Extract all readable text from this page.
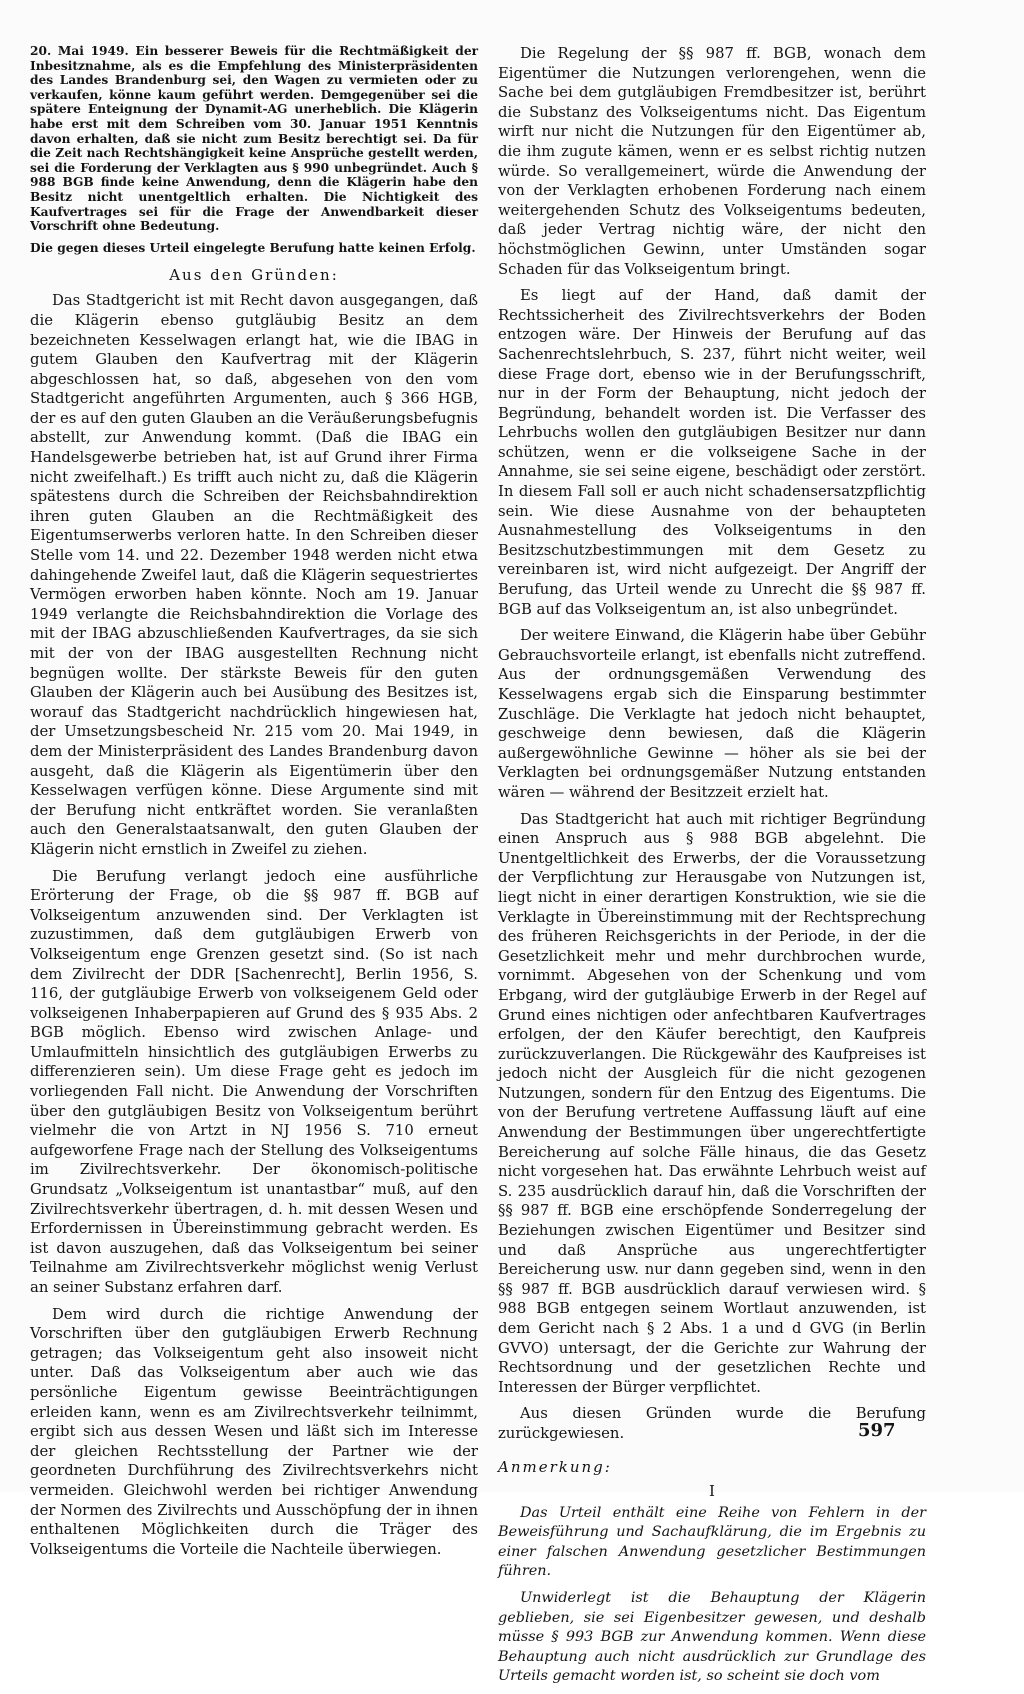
20. Mai 1949. Ein besserer Beweis für die Rechtmäßigkeit der Inbesitznahme, als es die Empfehlung des Ministerpräsidenten des Landes Brandenburg sei, den Wagen zu vermieten oder zu verkaufen, könne kaum geführt werden. Demgegenüber sei die spätere Enteignung der Dynamit-AG unerheblich. Die Klägerin habe erst mit dem Schreiben vom 30. Januar 1951 Kenntnis davon erhalten, daß sie nicht zum Besitz berechtigt sei. Da für die Zeit nach Rechtshängigkeit keine Ansprüche gestellt werden, sei die Forderung der Verklagten aus § 990 unbegründet. Auch § 988 BGB finde keine Anwendung, denn die Klägerin habe den Besitz nicht unentgeltlich erhalten. Die Nichtigkeit des Kaufvertrages sei für die Frage der Anwendbarkeit dieser Vorschrift ohne Bedeutung.

Die gegen dieses Urteil eingelegte Berufung hatte keinen Erfolg.

Aus den Gründen:

Das Stadtgericht ist mit Recht davon ausgegangen, daß die Klägerin ebenso gutgläubig Besitz an dem bezeichneten Kesselwagen erlangt hat, wie die IBAG in gutem Glauben den Kaufvertrag mit der Klägerin abgeschlossen hat, so daß, abgesehen von den vom Stadtgericht angeführten Argumenten, auch § 366 HGB, der es auf den guten Glauben an die Veräußerungsbefugnis abstellt, zur Anwendung kommt. (Daß die IBAG ein Handelsgewerbe betrieben hat, ist auf Grund ihrer Firma nicht zweifelhaft.) Es trifft auch nicht zu, daß die Klägerin spätestens durch die Schreiben der Reichsbahndirektion ihren guten Glauben an die Rechtmäßigkeit des Eigentumserwerbs verloren hatte. In den Schreiben dieser Stelle vom 14. und 22. Dezember 1948 werden nicht etwa dahingehende Zweifel laut, daß die Klägerin sequestriertes Vermögen erworben haben könnte. Noch am 19. Januar 1949 verlangte die Reichsbahndirektion die Vorlage des mit der IBAG abzuschließenden Kaufvertrages, da sie sich mit der von der IBAG ausgestellten Rechnung nicht begnügen wollte. Der stärkste Beweis für den guten Glauben der Klägerin auch bei Ausübung des Besitzes ist, worauf das Stadtgericht nachdrücklich hingewiesen hat, der Umsetzungsbescheid Nr. 215 vom 20. Mai 1949, in dem der Ministerpräsident des Landes Brandenburg davon ausgeht, daß die Klägerin als Eigentümerin über den Kesselwagen verfügen könne. Diese Argumente sind mit der Berufung nicht entkräftet worden. Sie veranlaßten auch den Generalstaatsanwalt, den guten Glauben der Klägerin nicht ernstlich in Zweifel zu ziehen.

Die Berufung verlangt jedoch eine ausführliche Erörterung der Frage, ob die §§ 987 ff. BGB auf Volkseigentum anzuwenden sind. Der Verklagten ist zuzustimmen, daß dem gutgläubigen Erwerb von Volkseigentum enge Grenzen gesetzt sind. (So ist nach dem Zivilrecht der DDR [Sachenrecht], Berlin 1956, S. 116, der gutgläubige Erwerb von volkseigenem Geld oder volkseigenen Inhaberpapieren auf Grund des § 935 Abs. 2 BGB möglich. Ebenso wird zwischen Anlage- und Umlaufmitteln hinsichtlich des gutgläubigen Erwerbs zu differenzieren sein). Um diese Frage geht es jedoch im vorliegenden Fall nicht. Die Anwendung der Vorschriften über den gutgläubigen Besitz von Volkseigentum berührt vielmehr die von Artzt in NJ 1956 S. 710 erneut aufgeworfene Frage nach der Stellung des Volkseigentums im Zivilrechtsverkehr. Der ökonomisch-politische Grundsatz „Volkseigentum ist unantastbar“ muß, auf den Zivilrechtsverkehr übertragen, d. h. mit dessen Wesen und Erfordernissen in Übereinstimmung gebracht werden. Es ist davon auszugehen, daß das Volkseigentum bei seiner Teilnahme am Zivilrechtsverkehr möglichst wenig Verlust an seiner Substanz erfahren darf.

Dem wird durch die richtige Anwendung der Vorschriften über den gutgläubigen Erwerb Rechnung getragen; das Volkseigentum geht also insoweit nicht unter. Daß das Volkseigentum aber auch wie das persönliche Eigentum gewisse Beeinträchtigungen erleiden kann, wenn es am Zivilrechtsverkehr teilnimmt, ergibt sich aus dessen Wesen und läßt sich im Interesse der gleichen Rechtsstellung der Partner wie der geordneten Durchführung des Zivilrechtsverkehrs nicht vermeiden. Gleichwohl werden bei richtiger Anwendung der Normen des Zivilrechts und Ausschöpfung der in ihnen enthaltenen Möglichkeiten durch die Träger des Volkseigentums die Vorteile die Nachteile überwiegen.

Die Regelung der §§ 987 ff. BGB, wonach dem Eigentümer die Nutzungen verlorengehen, wenn die Sache bei dem gutgläubigen Fremdbesitzer ist, berührt die Substanz des Volkseigentums nicht. Das Eigentum wirft nur nicht die Nutzungen für den Eigentümer ab, die ihm zugute kämen, wenn er es selbst richtig nutzen würde. So verallgemeinert, würde die Anwendung der von der Verklagten erhobenen Forderung nach einem weitergehenden Schutz des Volkseigentums bedeuten, daß jeder Vertrag nichtig wäre, der nicht den höchstmöglichen Gewinn, unter Umständen sogar Schaden für das Volkseigentum bringt.

Es liegt auf der Hand, daß damit der Rechtssicherheit des Zivilrechtsverkehrs der Boden entzogen wäre. Der Hinweis der Berufung auf das Sachenrechtslehrbuch, S. 237, führt nicht weiter, weil diese Frage dort, ebenso wie in der Berufungsschrift, nur in der Form der Behauptung, nicht jedoch der Begründung, behandelt worden ist. Die Verfasser des Lehrbuchs wollen den gutgläubigen Besitzer nur dann schützen, wenn er die volkseigene Sache in der Annahme, sie sei seine eigene, beschädigt oder zerstört. In diesem Fall soll er auch nicht schadensersatzpflichtig sein. Wie diese Ausnahme von der behaupteten Ausnahmestellung des Volkseigentums in den Besitzschutzbestimmungen mit dem Gesetz zu vereinbaren ist, wird nicht aufgezeigt. Der Angriff der Berufung, das Urteil wende zu Unrecht die §§ 987 ff. BGB auf das Volkseigentum an, ist also unbegründet.

Der weitere Einwand, die Klägerin habe über Gebühr Gebrauchsvorteile erlangt, ist ebenfalls nicht zutreffend. Aus der ordnungsgemäßen Verwendung des Kesselwagens ergab sich die Einsparung bestimmter Zuschläge. Die Verklagte hat jedoch nicht behauptet, geschweige denn bewiesen, daß die Klägerin außergewöhnliche Gewinne — höher als sie bei der Verklagten bei ordnungsgemäßer Nutzung entstanden wären — während der Besitzzeit erzielt hat.

Das Stadtgericht hat auch mit richtiger Begründung einen Anspruch aus § 988 BGB abgelehnt. Die Unentgeltlichkeit des Erwerbs, der die Voraussetzung der Verpflichtung zur Herausgabe von Nutzungen ist, liegt nicht in einer derartigen Konstruktion, wie sie die Verklagte in Übereinstimmung mit der Rechtsprechung des früheren Reichsgerichts in der Periode, in der die Gesetzlichkeit mehr und mehr durchbrochen wurde, vornimmt. Abgesehen von der Schenkung und vom Erbgang, wird der gutgläubige Erwerb in der Regel auf Grund eines nichtigen oder anfechtbaren Kaufvertrages erfolgen, der den Käufer berechtigt, den Kaufpreis zurückzuverlangen. Die Rückgewähr des Kaufpreises ist jedoch nicht der Ausgleich für die nicht gezogenen Nutzungen, sondern für den Entzug des Eigentums. Die von der Berufung vertretene Auffassung läuft auf eine Anwendung der Bestimmungen über ungerechtfertigte Bereicherung auf solche Fälle hinaus, die das Gesetz nicht vorgesehen hat. Das erwähnte Lehrbuch weist auf S. 235 ausdrücklich darauf hin, daß die Vorschriften der §§ 987 ff. BGB eine erschöpfende Sonderregelung der Beziehungen zwischen Eigentümer und Besitzer sind und daß Ansprüche aus ungerechtfertigter Bereicherung usw. nur dann gegeben sind, wenn in den §§ 987 ff. BGB ausdrücklich darauf verwiesen wird. § 988 BGB entgegen seinem Wortlaut anzuwenden, ist dem Gericht nach § 2 Abs. 1 a und d GVG (in Berlin GVVO) untersagt, der die Gerichte zur Wahrung der Rechtsordnung und der gesetzlichen Rechte und Interessen der Bürger verpflichtet.

Aus diesen Gründen wurde die Berufung zurückgewiesen.

Anmerkung:
I

Das Urteil enthält eine Reihe von Fehlern in der Beweisführung und Sachaufklärung, die im Ergebnis zu einer falschen Anwendung gesetzlicher Bestimmungen führen.

Unwiderlegt ist die Behauptung der Klägerin geblieben, sie sei Eigenbesitzer gewesen, und deshalb müsse § 993 BGB zur Anwendung kommen. Wenn diese Behauptung auch nicht ausdrücklich zur Grundlage des Urteils gemacht worden ist, so scheint sie doch vom

597
